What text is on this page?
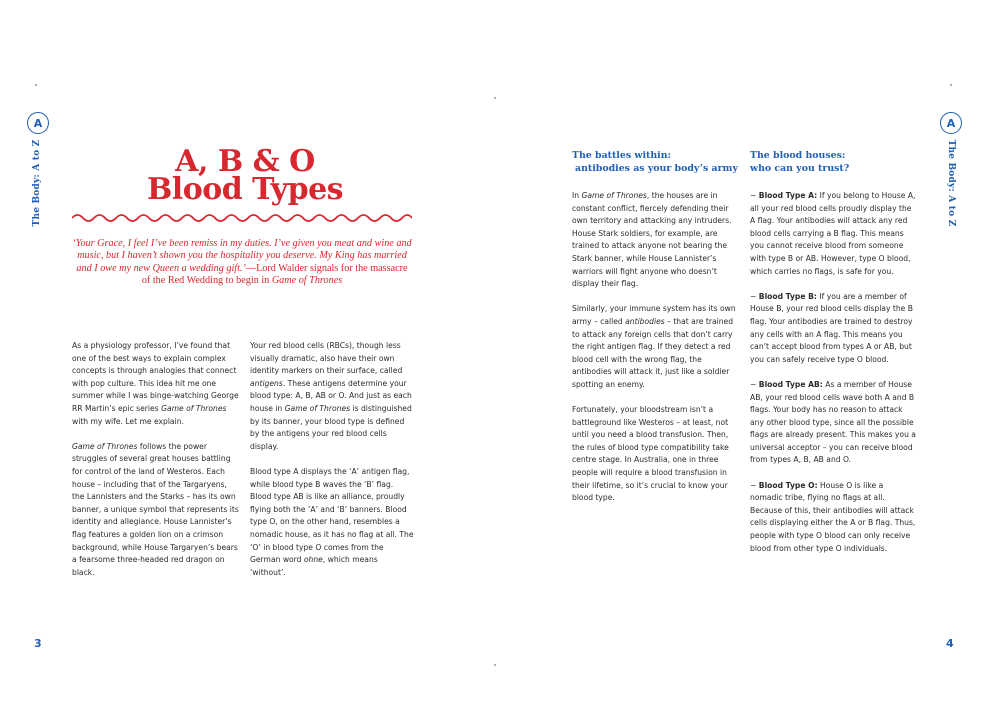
A
The Body: A to Z
3
A, B & O
Blood Types
‘Your Grace, I feel I’ve been remiss in my duties. I’ve given you meat and wine and music, but I haven’t shown you the hospitality you deserve. My King has married and I owe my new Queen a wedding gift.’—Lord Walder signals for the massacre of the Red Wedding to begin in Game of Thrones

As a physiology professor, I’ve found that one of the best ways to explain complex concepts is through analogies that connect with pop culture. This idea hit me one summer while I was binge-watching George RR Martin’s epic series Game of Thrones with my wife. Let me explain.

Game of Thrones follows the power struggles of several great houses battling for control of the land of Westeros. Each house – including that of the Targaryens, the Lannisters and the Starks – has its own banner, a unique symbol that represents its identity and allegiance. House Lannister’s flag features a golden lion on a crimson background, while House Targaryen’s bears a fearsome three-headed red dragon on black.

Your red blood cells (RBCs), though less visually dramatic, also have their own identity markers on their surface, called antigens. These antigens determine your blood type: A, B, AB or O. And just as each house in Game of Thrones is distinguished by its banner, your blood type is defined by the antigens your red blood cells display.

Blood type A displays the ‘A’ antigen flag, while blood type B waves the ‘B’ flag. Blood type AB is like an alliance, proudly flying both the ‘A’ and ‘B’ banners. Blood type O, on the other hand, resembles a nomadic house, as it has no flag at all. The ‘O’ in blood type O comes from the German word ohne, which means ‘without’.

A
The Body: A to Z
4
The battles within:
antibodies as your body’s army

In Game of Thrones, the houses are in constant conflict, fiercely defending their own territory and attacking any intruders. House Stark soldiers, for example, are trained to attack anyone not bearing the Stark banner, while House Lannister’s warriors will fight anyone who doesn’t display their flag.

Similarly, your immune system has its own army – called antibodies – that are trained to attack any foreign cells that don’t carry the right antigen flag. If they detect a red blood cell with the wrong flag, the antibodies will attack it, just like a soldier spotting an enemy.

Fortunately, your bloodstream isn’t a battleground like Westeros – at least, not until you need a blood transfusion. Then, the rules of blood type compatibility take centre stage. In Australia, one in three people will require a blood transfusion in their lifetime, so it’s crucial to know your blood type.

The blood houses:
who can you trust?

~ Blood Type A: If you belong to House A, all your red blood cells proudly display the A flag. Your antibodies will attack any red blood cells carrying a B flag. This means you cannot receive blood from someone with type B or AB. However, type O blood, which carries no flags, is safe for you.

~ Blood Type B: If you are a member of House B, your red blood cells display the B flag. Your antibodies are trained to destroy any cells with an A flag. This means you can’t accept blood from types A or AB, but you can safely receive type O blood.

~ Blood Type AB: As a member of House AB, your red blood cells wave both A and B flags. Your body has no reason to attack any other blood type, since all the possible flags are already present. This makes you a universal acceptor – you can receive blood from types A, B, AB and O.

~ Blood Type O: House O is like a nomadic tribe, flying no flags at all. Because of this, their antibodies will attack cells displaying either the A or B flag. Thus, people with type O blood can only receive blood from other type O individuals.
